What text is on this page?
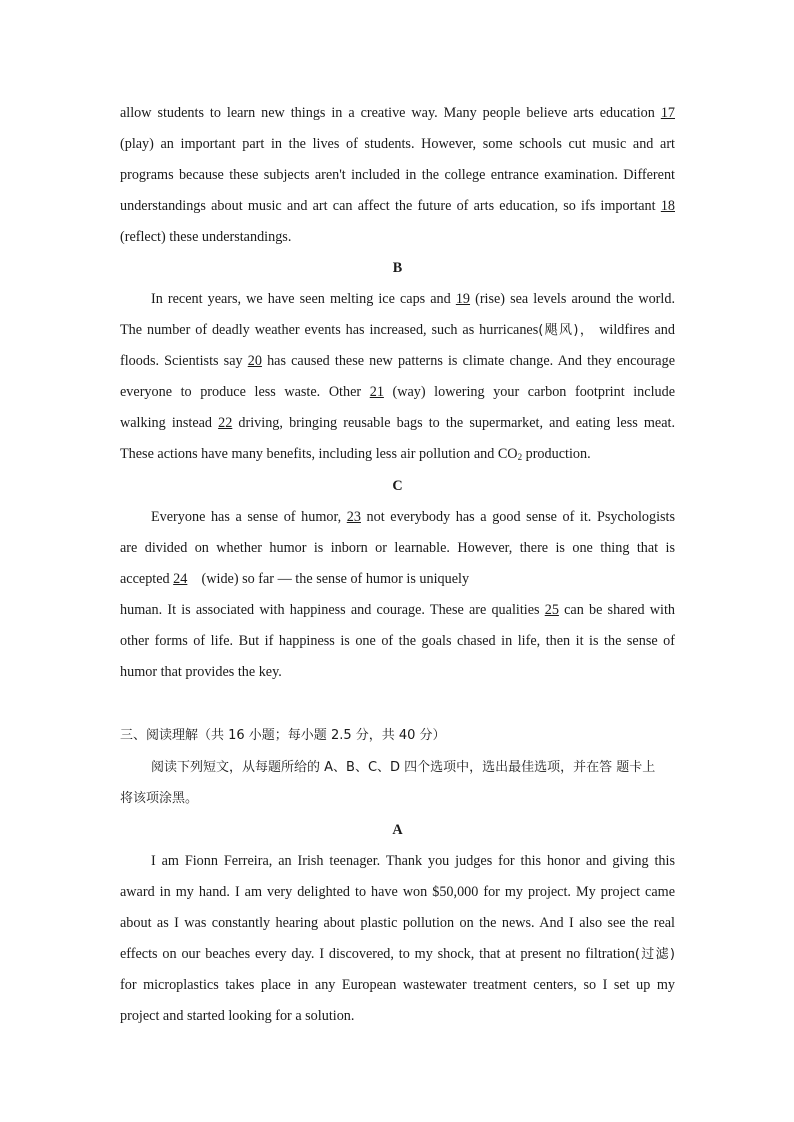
allow students to learn new things in a creative way. Many people believe arts education 17
(play) an important part in the lives of students. However, some schools cut music and art
programs because these subjects aren't included in the college entrance examination. Different
understandings about music and art can affect the future of arts education, so ifs important 18
(reflect) these understandings.
B
In recent years, we have seen melting ice caps and 19 (rise) sea levels around the world.
The number of deadly weather events has increased, such as hurricanes(飓风)， wildfires and
floods. Scientists say 20 has caused these new patterns is climate change. And they encourage
everyone to produce less waste. Other 21 (way) lowering your carbon footprint include
walking instead 22 driving, bringing reusable bags to the supermarket, and eating less meat.
These actions have many benefits, including less air pollution and $CO_2$ production.
C
Everyone has a sense of humor, 23 not everybody has a good sense of it. Psychologists
are divided on whether humor is inborn or learnable. However, there is one thing that is
accepted 24    (wide) so far — the sense of humor is uniquely
human. It is associated with happiness and courage. These are qualities 25 can be shared with
other forms of life. But if happiness is one of the goals chased in life, then it is the sense of
humor that provides the key.
三、阅读理解（共 16 小题；每小题 2.5 分，共 40 分）
阅读下列短文，从每题所给的 A、B、C、D 四个选项中，选出最佳选项，并在答 题卡上
将该项涂黑。
A
I am Fionn Ferreira, an Irish teenager. Thank you judges for this honor and giving this
award in my hand. I am very delighted to have won $50,000 for my project. My project came
about as I was constantly hearing about plastic pollution on the news. And I also see the real
effects on our beaches every day. I discovered, to my shock, that at present no filtration(过滤)
for microplastics takes place in any European wastewater treatment centers, so I set up my
project and started looking for a solution.
